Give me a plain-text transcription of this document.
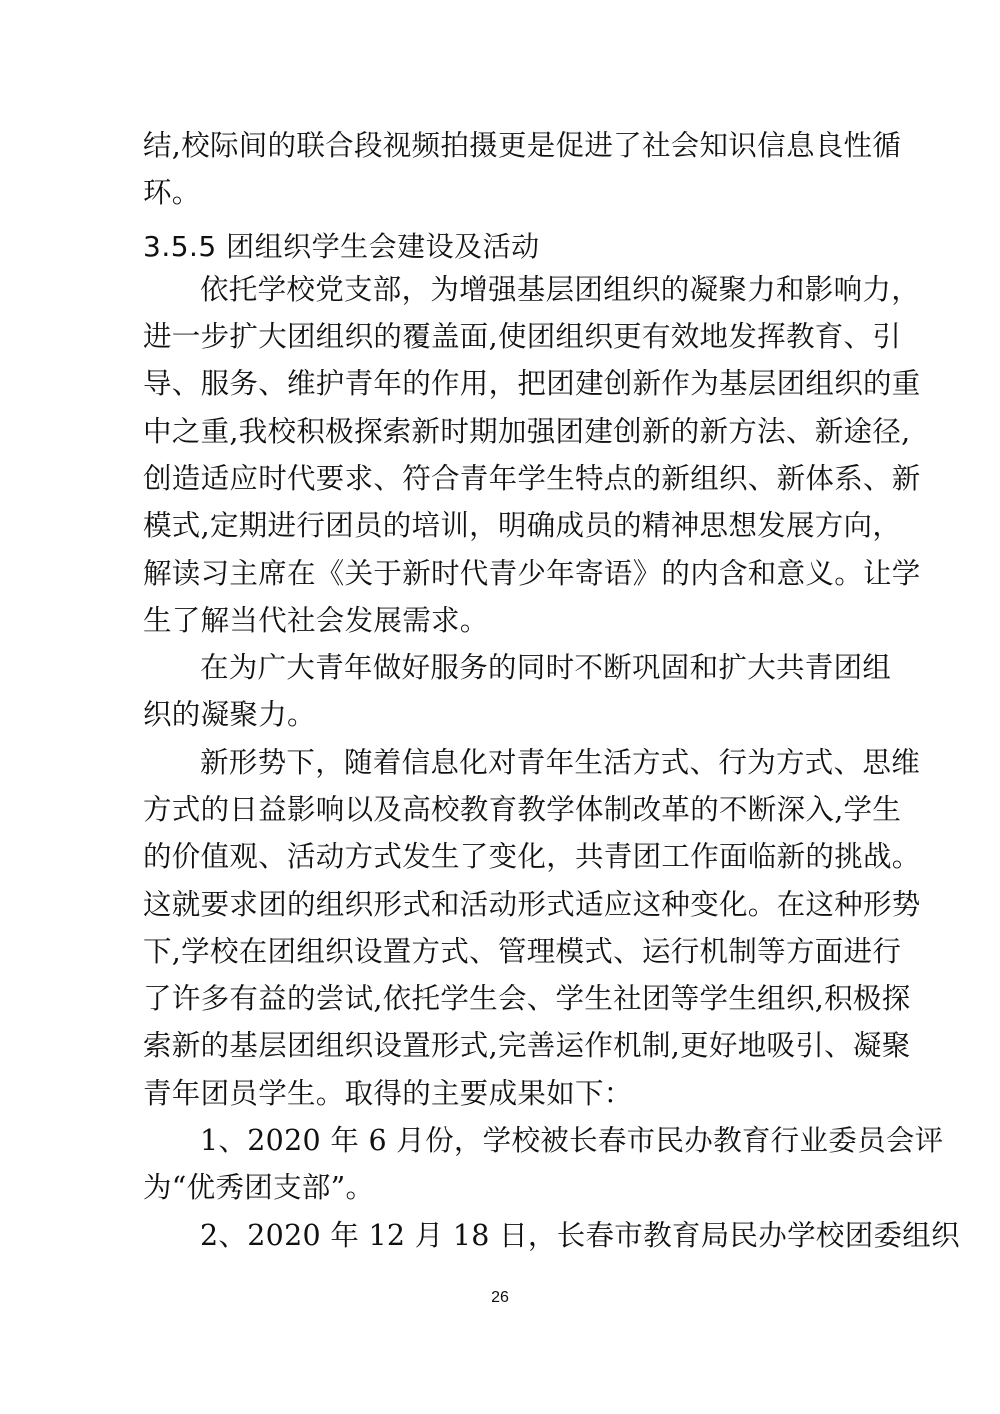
结,校际间的联合段视频拍摄更是促进了社会知识信息良性循
环。
3.5.5 团组织学生会建设及活动
依托学校党支部，为增强基层团组织的凝聚力和影响力，
进一步扩大团组织的覆盖面,使团组织更有效地发挥教育、引
导、服务、维护青年的作用，把团建创新作为基层团组织的重
中之重,我校积极探索新时期加强团建创新的新方法、新途径,
创造适应时代要求、符合青年学生特点的新组织、新体系、新
模式,定期进行团员的培训，明确成员的精神思想发展方向，
解读习主席在《关于新时代青少年寄语》的内含和意义。让学
生了解当代社会发展需求。
在为广大青年做好服务的同时不断巩固和扩大共青团组
织的凝聚力。
新形势下，随着信息化对青年生活方式、行为方式、思维
方式的日益影响以及高校教育教学体制改革的不断深入,学生
的价值观、活动方式发生了变化，共青团工作面临新的挑战。
这就要求团的组织形式和活动形式适应这种变化。在这种形势
下,学校在团组织设置方式、管理模式、运行机制等方面进行
了许多有益的尝试,依托学生会、学生社团等学生组织,积极探
索新的基层团组织设置形式,完善运作机制,更好地吸引、凝聚
青年团员学生。取得的主要成果如下：
1、2020 年 6 月份，学校被长春市民办教育行业委员会评
为“优秀团支部”。
2、2020 年 12 月 18 日，长春市教育局民办学校团委组织
26
